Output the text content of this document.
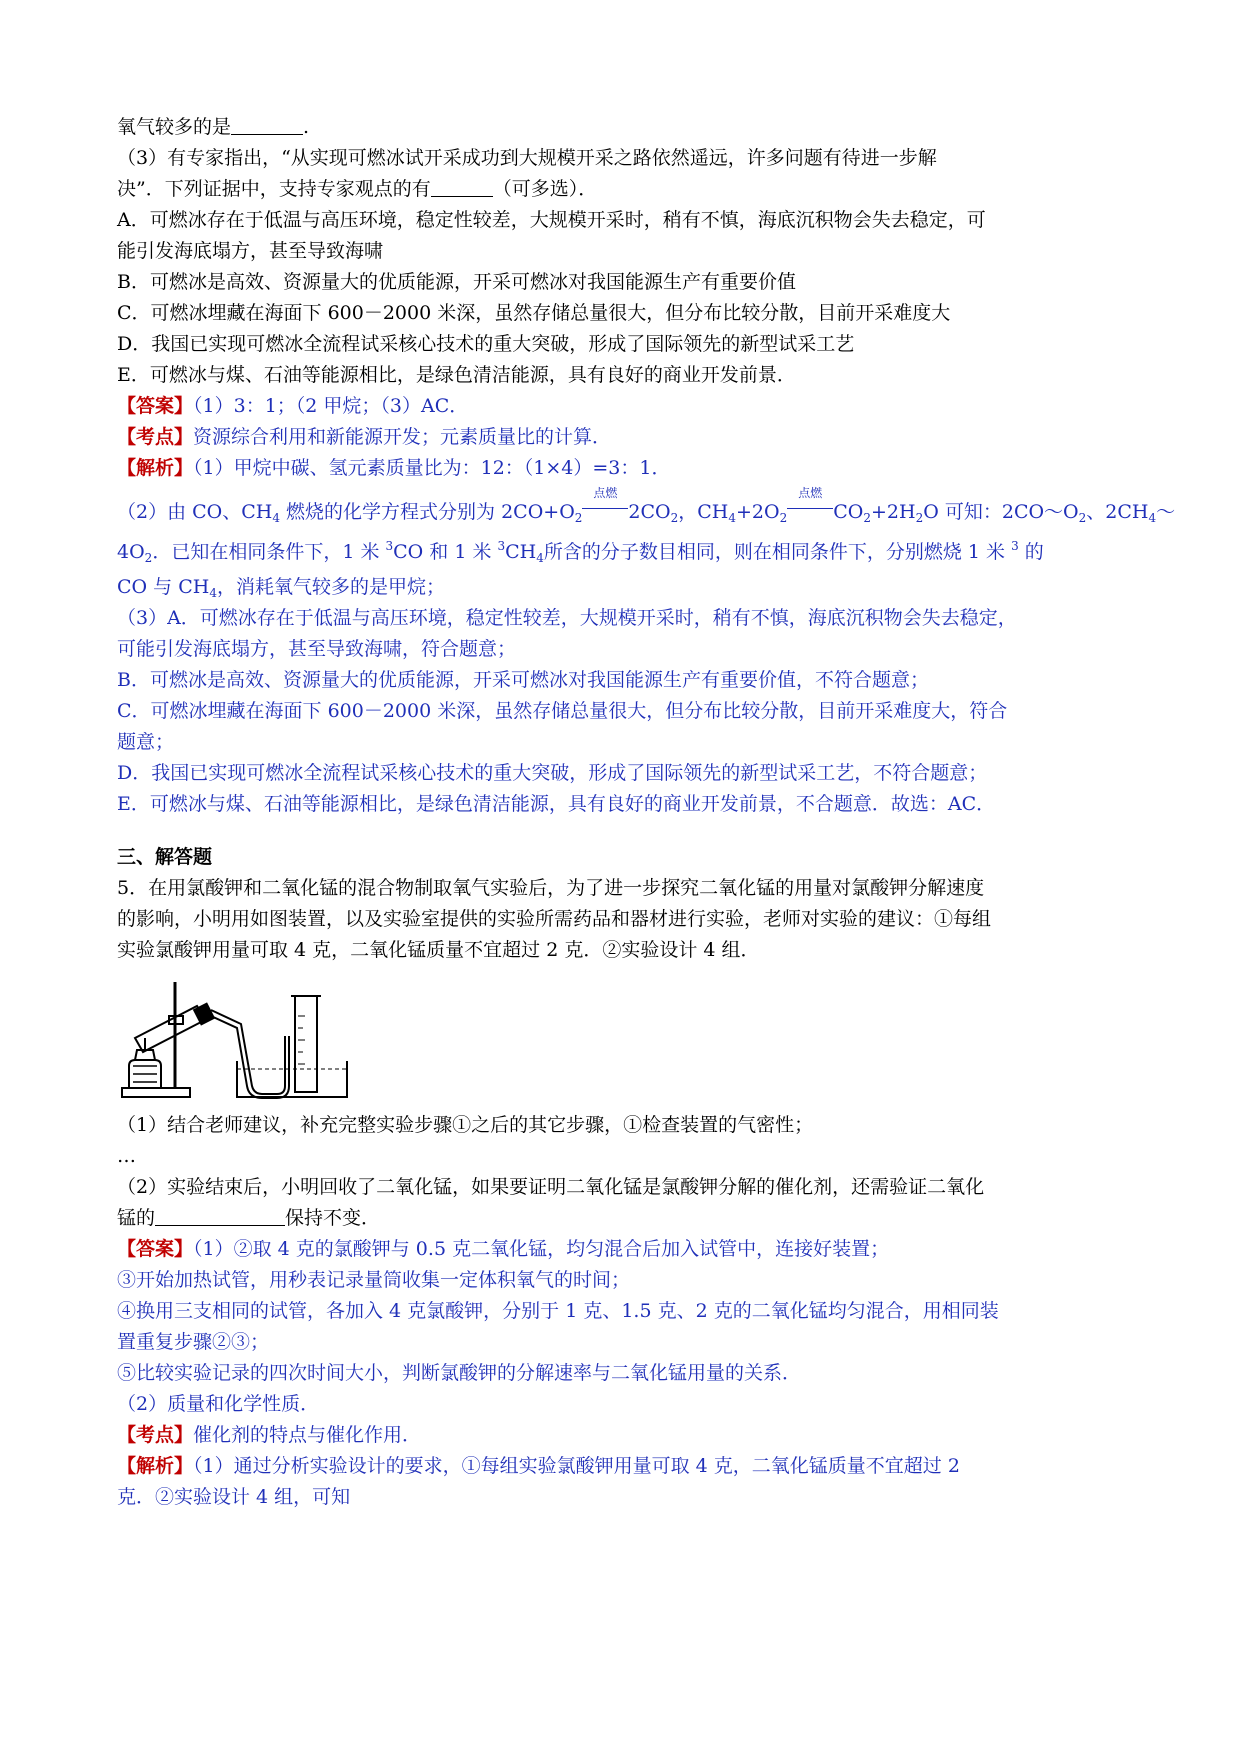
氧气较多的是	.
（3）有专家指出，“从实现可燃冰试开采成功到大规模开采之路依然遥远，许多问题有待进一步解
决”．下列证据中，支持专家观点的有	（可多选）．
A．可燃冰存在于低温与高压环境，稳定性较差，大规模开采时，稍有不慎，海底沉积物会失去稳定，可
能引发海底塌方，甚至导致海啸
B．可燃冰是高效、资源量大的优质能源，开采可燃冰对我国能源生产有重要价值
C．可燃冰埋藏在海面下 600－2000 米深，虽然存储总量很大，但分布比较分散，目前开采难度大
D．我国已实现可燃冰全流程试采核心技术的重大突破，形成了国际领先的新型试采工艺
E．可燃冰与煤、石油等能源相比，是绿色清洁能源，具有良好的商业开发前景．
【答案】（1）3：1；（2 甲烷；（3）AC．
【考点】资源综合利用和新能源开发；元素质量比的计算．
【解析】（1）甲烷中碳、氢元素质量比为：12：（1×4）=3：1．
（2）由 CO、$CH_4$ 燃烧的化学方程式分别为 $2CO+O_2$
点燃
$2CO_2$，$CH_4+2O_2$
点燃
$CO_2+2H_2O$ 可知：$2CO\sim O_2$、$2CH_4\sim$
$4O_2$．已知在相同条件下，1 米 $^3$CO 和 1 米 $^3CH_4$所含的分子数目相同，则在相同条件下，分别燃烧 1 米 $^3$ 的
CO 与 $CH_4$，消耗氧气较多的是甲烷；
（3）A．可燃冰存在于低温与高压环境，稳定性较差，大规模开采时，稍有不慎，海底沉积物会失去稳定，
可能引发海底塌方，甚至导致海啸，符合题意；
B．可燃冰是高效、资源量大的优质能源，开采可燃冰对我国能源生产有重要价值，不符合题意；
C．可燃冰埋藏在海面下 600－2000 米深，虽然存储总量很大，但分布比较分散，目前开采难度大，符合
题意；
D．我国已实现可燃冰全流程试采核心技术的重大突破，形成了国际领先的新型试采工艺，不符合题意；
E．可燃冰与煤、石油等能源相比，是绿色清洁能源，具有良好的商业开发前景，不合题意．故选：AC．
三、解答题
5．在用氯酸钾和二氧化锰的混合物制取氧气实验后，为了进一步探究二氧化锰的用量对氯酸钾分解速度
的影响，小明用如图装置，以及实验室提供的实验所需药品和器材进行实验，老师对实验的建议：①每组
实验氯酸钾用量可取 4 克，二氧化锰质量不宜超过 2 克．②实验设计 4 组．
（1）结合老师建议，补充完整实验步骤①之后的其它步骤，①检查装置的气密性；
…
（2）实验结束后，小明回收了二氧化锰，如果要证明二氧化锰是氯酸钾分解的催化剂，还需验证二氧化
锰的	保持不变．
【答案】（1）②取 4 克的氯酸钾与 0.5 克二氧化锰，均匀混合后加入试管中，连接好装置；
③开始加热试管，用秒表记录量筒收集一定体积氧气的时间；
④换用三支相同的试管，各加入 4 克氯酸钾，分别于 1 克、1.5 克、2 克的二氧化锰均匀混合，用相同装
置重复步骤②③；
⑤比较实验记录的四次时间大小，判断氯酸钾的分解速率与二氧化锰用量的关系．
（2）质量和化学性质．
【考点】催化剂的特点与催化作用．
【解析】（1）通过分析实验设计的要求，①每组实验氯酸钾用量可取 4 克，二氧化锰质量不宜超过 2
克．②实验设计 4 组，可知
